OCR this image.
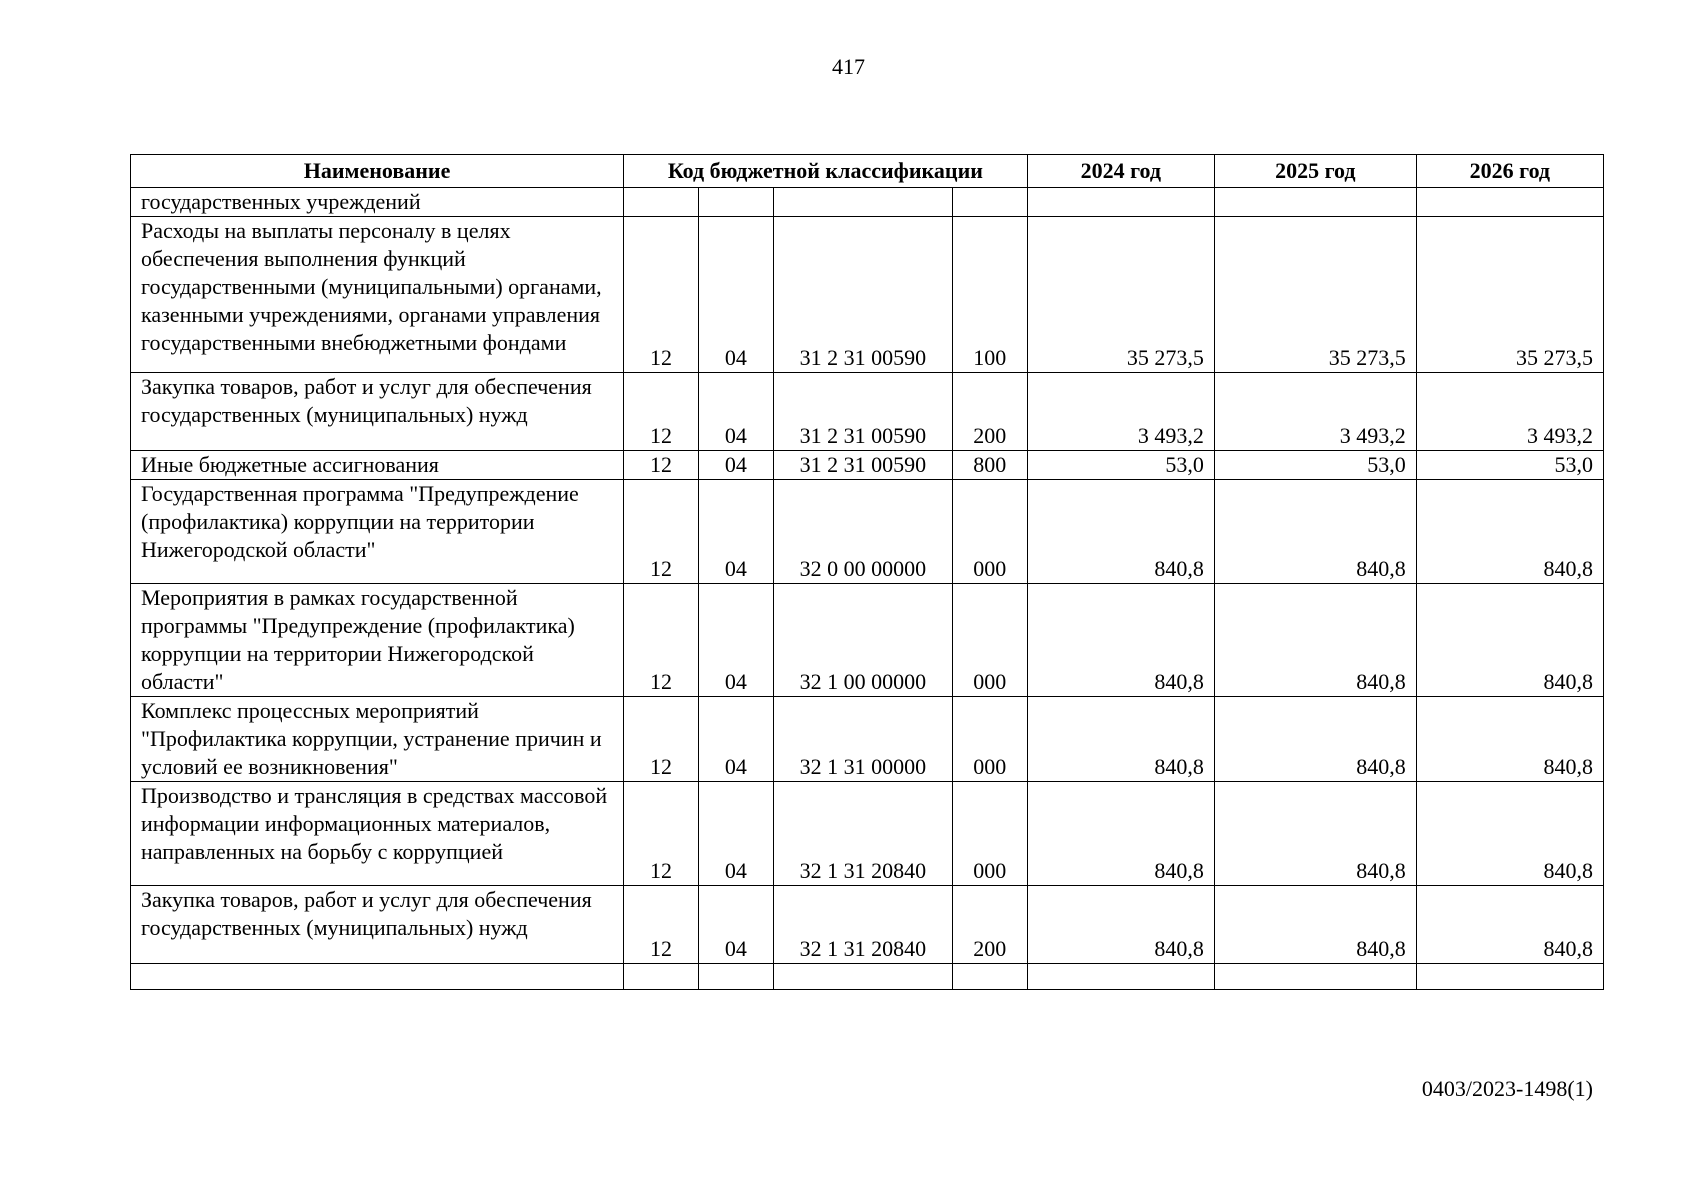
417
Наименование	Код бюджетной классификации				2024 год	2025 год	2026 год
государственных учреждений							
Расходы на выплаты персоналу в целях обеспечения выполнения функций государственными (муниципальными) органами, казенными учреждениями, органами управления государственными внебюджетными фондами	12	04	31 2 31 00590	100	35 273,5	35 273,5	35 273,5
Закупка товаров, работ и услуг для обеспечения государственных (муниципальных) нужд	12	04	31 2 31 00590	200	3 493,2	3 493,2	3 493,2
Иные бюджетные ассигнования	12	04	31 2 31 00590	800	53,0	53,0	53,0
Государственная программа "Предупреждение (профилактика) коррупции на территории Нижегородской области"	12	04	32 0 00 00000	000	840,8	840,8	840,8
Мероприятия в рамках государственной программы "Предупреждение (профилактика) коррупции на территории Нижегородской области"	12	04	32 1 00 00000	000	840,8	840,8	840,8
Комплекс процессных мероприятий "Профилактика коррупции, устранение причин и условий ее возникновения"	12	04	32 1 31 00000	000	840,8	840,8	840,8
Производство и трансляция в средствах массовой информации информационных материалов, направленных на борьбу с коррупцией	12	04	32 1 31 20840	000	840,8	840,8	840,8
Закупка товаров, работ и услуг для обеспечения государственных (муниципальных) нужд	12	04	32 1 31 20840	200	840,8	840,8	840,8

0403/2023-1498(1)
